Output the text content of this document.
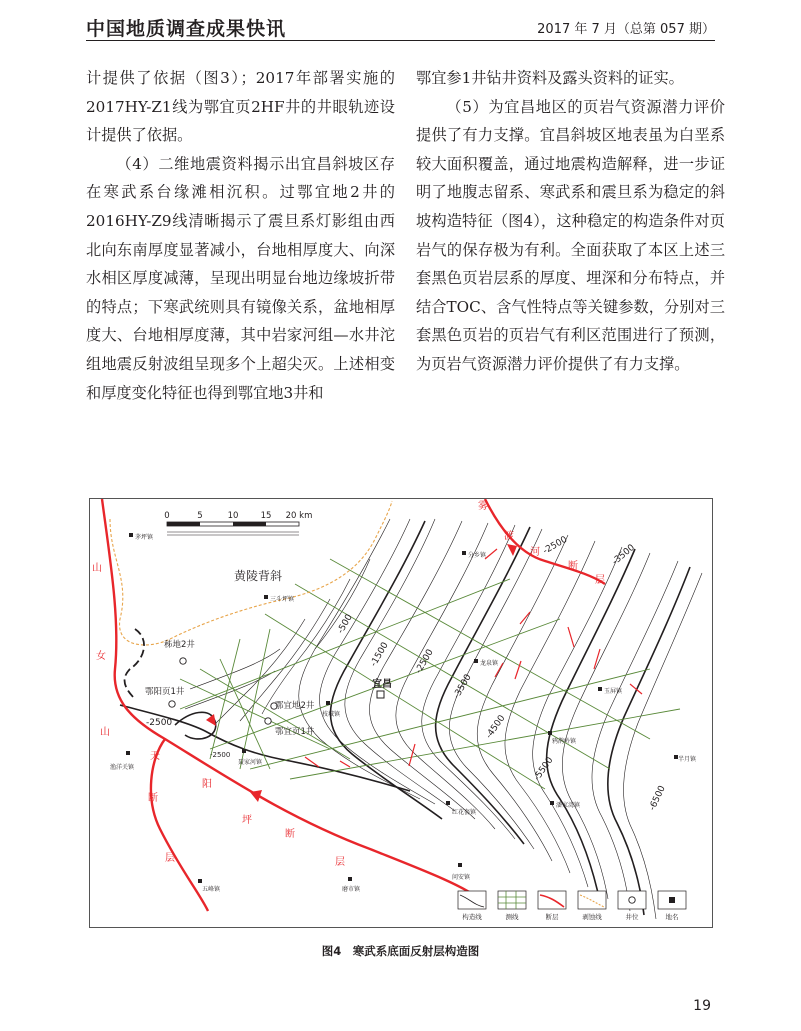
中国地质调查成果快讯	2017 年 7 月（总第 057 期）

计提供了依据（图3）；2017年部署实施的2017HY-Z1线为鄂宜页2HF井的井眼轨迹设计提供了依据。

（4）二维地震资料揭示出宜昌斜坡区存在寒武系台缘滩相沉积。过鄂宜地2井的2016HY-Z9线清晰揭示了震旦系灯影组由西北向东南厚度显著减小，台地相厚度大、向深水相区厚度减薄，呈现出明显台地边缘坡折带的特点；下寒武统则具有镜像关系，盆地相厚度大、台地相厚度薄，其中岩家河组—水井沱组地震反射波组呈现多个上超尖灭。上述相变和厚度变化特征也得到鄂宜地3井和

鄂宜参1井钻井资料及露头资料的证实。

（5）为宜昌地区的页岩气资源潜力评价提供了有力支撑。宜昌斜坡区地表虽为白垩系较大面积覆盖，通过地震构造解释，进一步证明了地腹志留系、寒武系和震旦系为稳定的斜坡构造特征（图4），这种稳定的构造条件对页岩气的保存极为有利。全面获取了本区上述三套黑色页岩层系的厚度、埋深和分布特点，并结合TOC、含气性特点等关键参数，分别对三套黑色页岩的页岩气有利区范围进行了预测，为页岩气资源潜力评价提供了有力支撑。

山
女
山
天
断
阳
坪
断
层
雾
渡
河
断
层
层
0	5	10	15 20 km
黄陵背斜
-500
-1500	-2500
-3500
-4500
-5500
-6500
-2500	-3500
-2500
-2500
秭地2井
鄂阳页1井
鄂宜地2井
鄂宜页1井
宜昌
茅坪镇
三斗坪镇
分乡镇
龙泉镇
玉屏镇
鸦鹊岭镇
半月镇
问安镇
红花套镇
潘家湾镇
聂家河镇
渔洋关镇
磨市镇
五峰镇
枝城镇
构造线	测线	断层	剥蚀线	井位	地名
图4　寒武系底面反射层构造图
19
